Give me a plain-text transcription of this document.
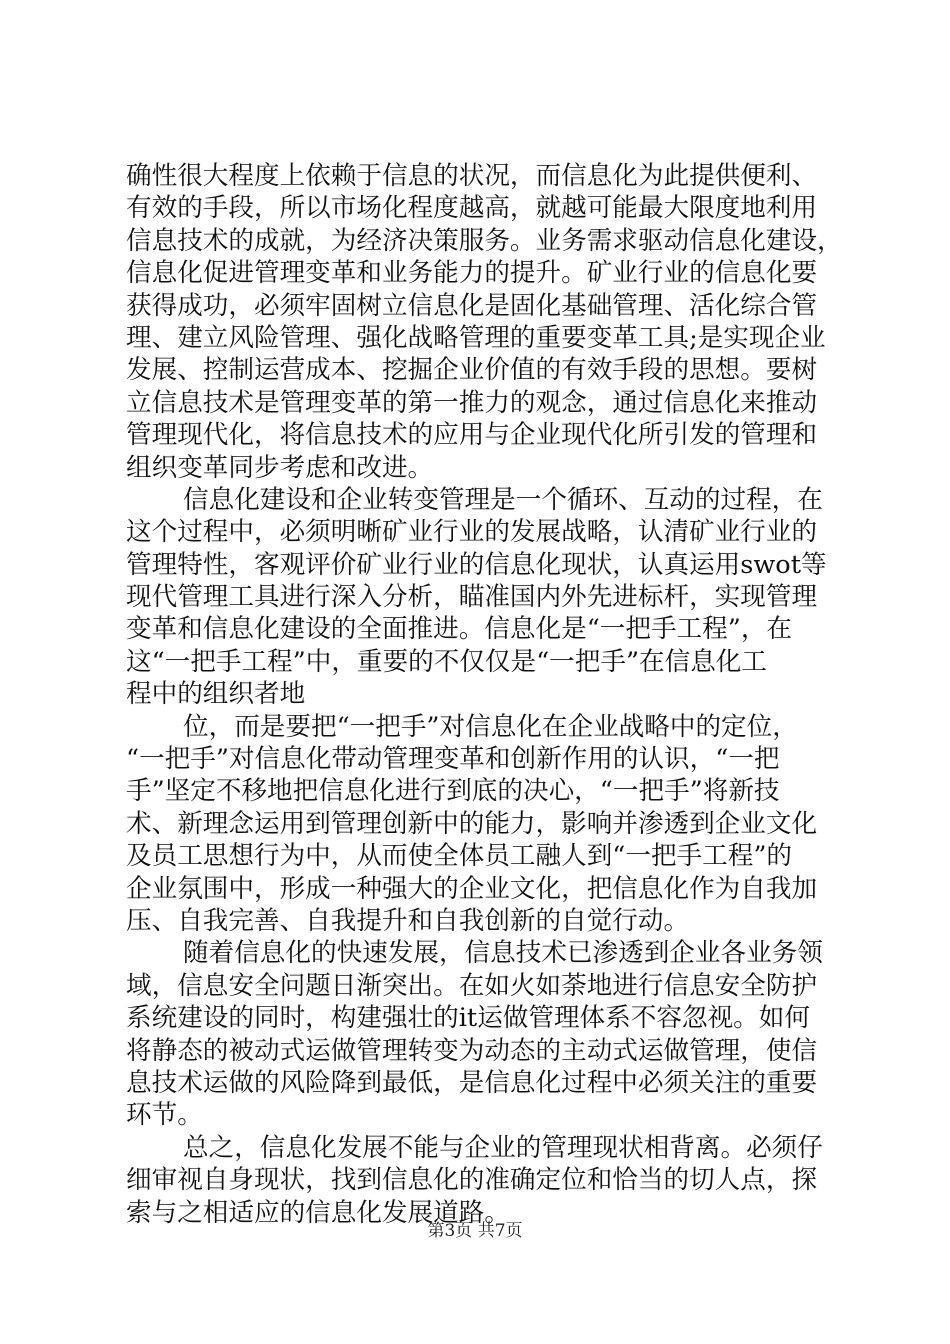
确性很大程度上依赖于信息的状况，而信息化为此提供便利、
有效的手段，所以市场化程度越高，就越可能最大限度地利用
信息技术的成就，为经济决策服务。业务需求驱动信息化建设，
信息化促进管理变革和业务能力的提升。矿业行业的信息化要
获得成功，必须牢固树立信息化是固化基础管理、活化综合管
理、建立风险管理、强化战略管理的重要变革工具;是实现企业
发展、控制运营成本、挖掘企业价值的有效手段的思想。要树
立信息技术是管理变革的第一推力的观念，通过信息化来推动
管理现代化，将信息技术的应用与企业现代化所引发的管理和
组织变革同步考虑和改进。
信息化建设和企业转变管理是一个循环、互动的过程，在
这个过程中，必须明晰矿业行业的发展战略，认清矿业行业的
管理特性，客观评价矿业行业的信息化现状，认真运用swot等
现代管理工具进行深入分析，瞄准国内外先进标杆，实现管理
变革和信息化建设的全面推进。信息化是“一把手工程”，在
这“一把手工程”中，重要的不仅仅是“一把手”在信息化工
程中的组织者地
位，而是要把“一把手”对信息化在企业战略中的定位，
“一把手”对信息化带动管理变革和创新作用的认识，“一把
手”坚定不移地把信息化进行到底的决心，“一把手”将新技
术、新理念运用到管理创新中的能力，影响并渗透到企业文化
及员工思想行为中，从而使全体员工融人到“一把手工程”的
企业氛围中，形成一种强大的企业文化，把信息化作为自我加
压、自我完善、自我提升和自我创新的自觉行动。
随着信息化的快速发展，信息技术已渗透到企业各业务领
域，信息安全问题日渐突出。在如火如荼地进行信息安全防护
系统建设的同时，构建强壮的it运做管理体系不容忽视。如何
将静态的被动式运做管理转变为动态的主动式运做管理，使信
息技术运做的风险降到最低，是信息化过程中必须关注的重要
环节。
总之，信息化发展不能与企业的管理现状相背离。必须仔
细审视自身现状，找到信息化的准确定位和恰当的切人点，探
索与之相适应的信息化发展道路。
第3页 共7页
